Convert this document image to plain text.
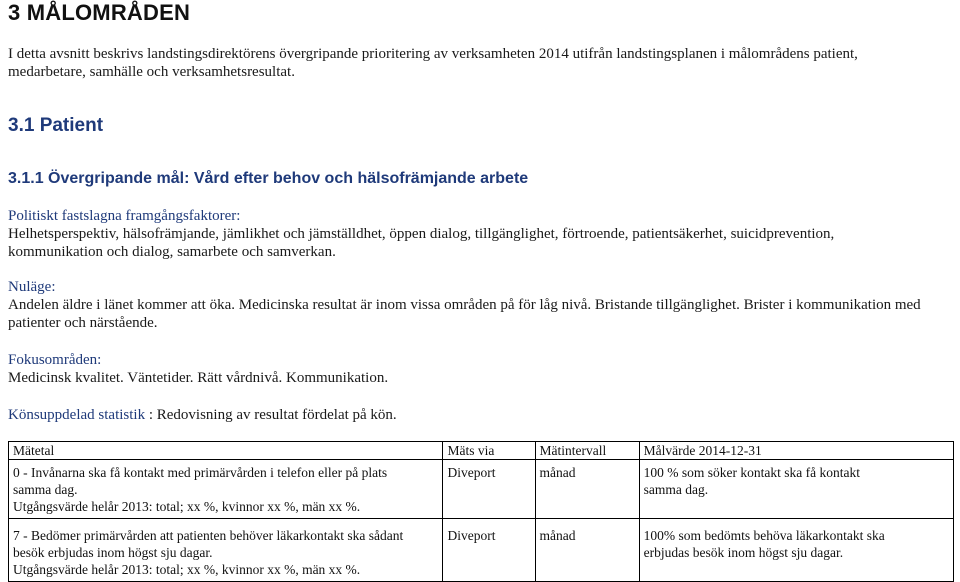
3 MÅLOMRÅDEN

I detta avsnitt beskrivs landstingsdirektörens övergripande prioritering av verksamheten 2014 utifrån landstingsplanen i målområdens patient,
medarbetare, samhälle och verksamhetsresultat.

3.1 Patient
3.1.1 Övergripande mål: Vård efter behov och hälsofrämjande arbete
Politiskt fastslagna framgångsfaktorer:
Helhetsperspektiv, hälsofrämjande, jämlikhet och jämställdhet, öppen dialog, tillgänglighet, förtroende, patientsäkerhet, suicidprevention,
kommunikation och dialog, samarbete och samverkan.
Nuläge:
Andelen äldre i länet kommer att öka. Medicinska resultat är inom vissa områden på för låg nivå. Bristande tillgänglighet. Brister i kommunikation med
patienter och närstående.
Fokusområden:
Medicinsk kvalitet. Väntetider. Rätt vårdnivå. Kommunikation.
Könsuppdelad statistik : Redovisning av resultat fördelat på kön.
Mätetal	Mäts via	Mätintervall	Målvärde 2014-12-31

0 - Invånarna ska få kontakt med primärvården i telefon eller på plats
samma dag.
Utgångsvärde helår 2013: total; xx %, kvinnor xx %, män xx %.	Diveport	månad	100 % som söker kontakt ska få kontakt
samma dag.

7 - Bedömer primärvården att patienten behöver läkarkontakt ska sådant
besök erbjudas inom högst sju dagar.
Utgångsvärde helår 2013: total; xx %, kvinnor xx %, män xx %.	Diveport	månad	100% som bedömts behöva läkarkontakt ska
erbjudas besök inom högst sju dagar.
